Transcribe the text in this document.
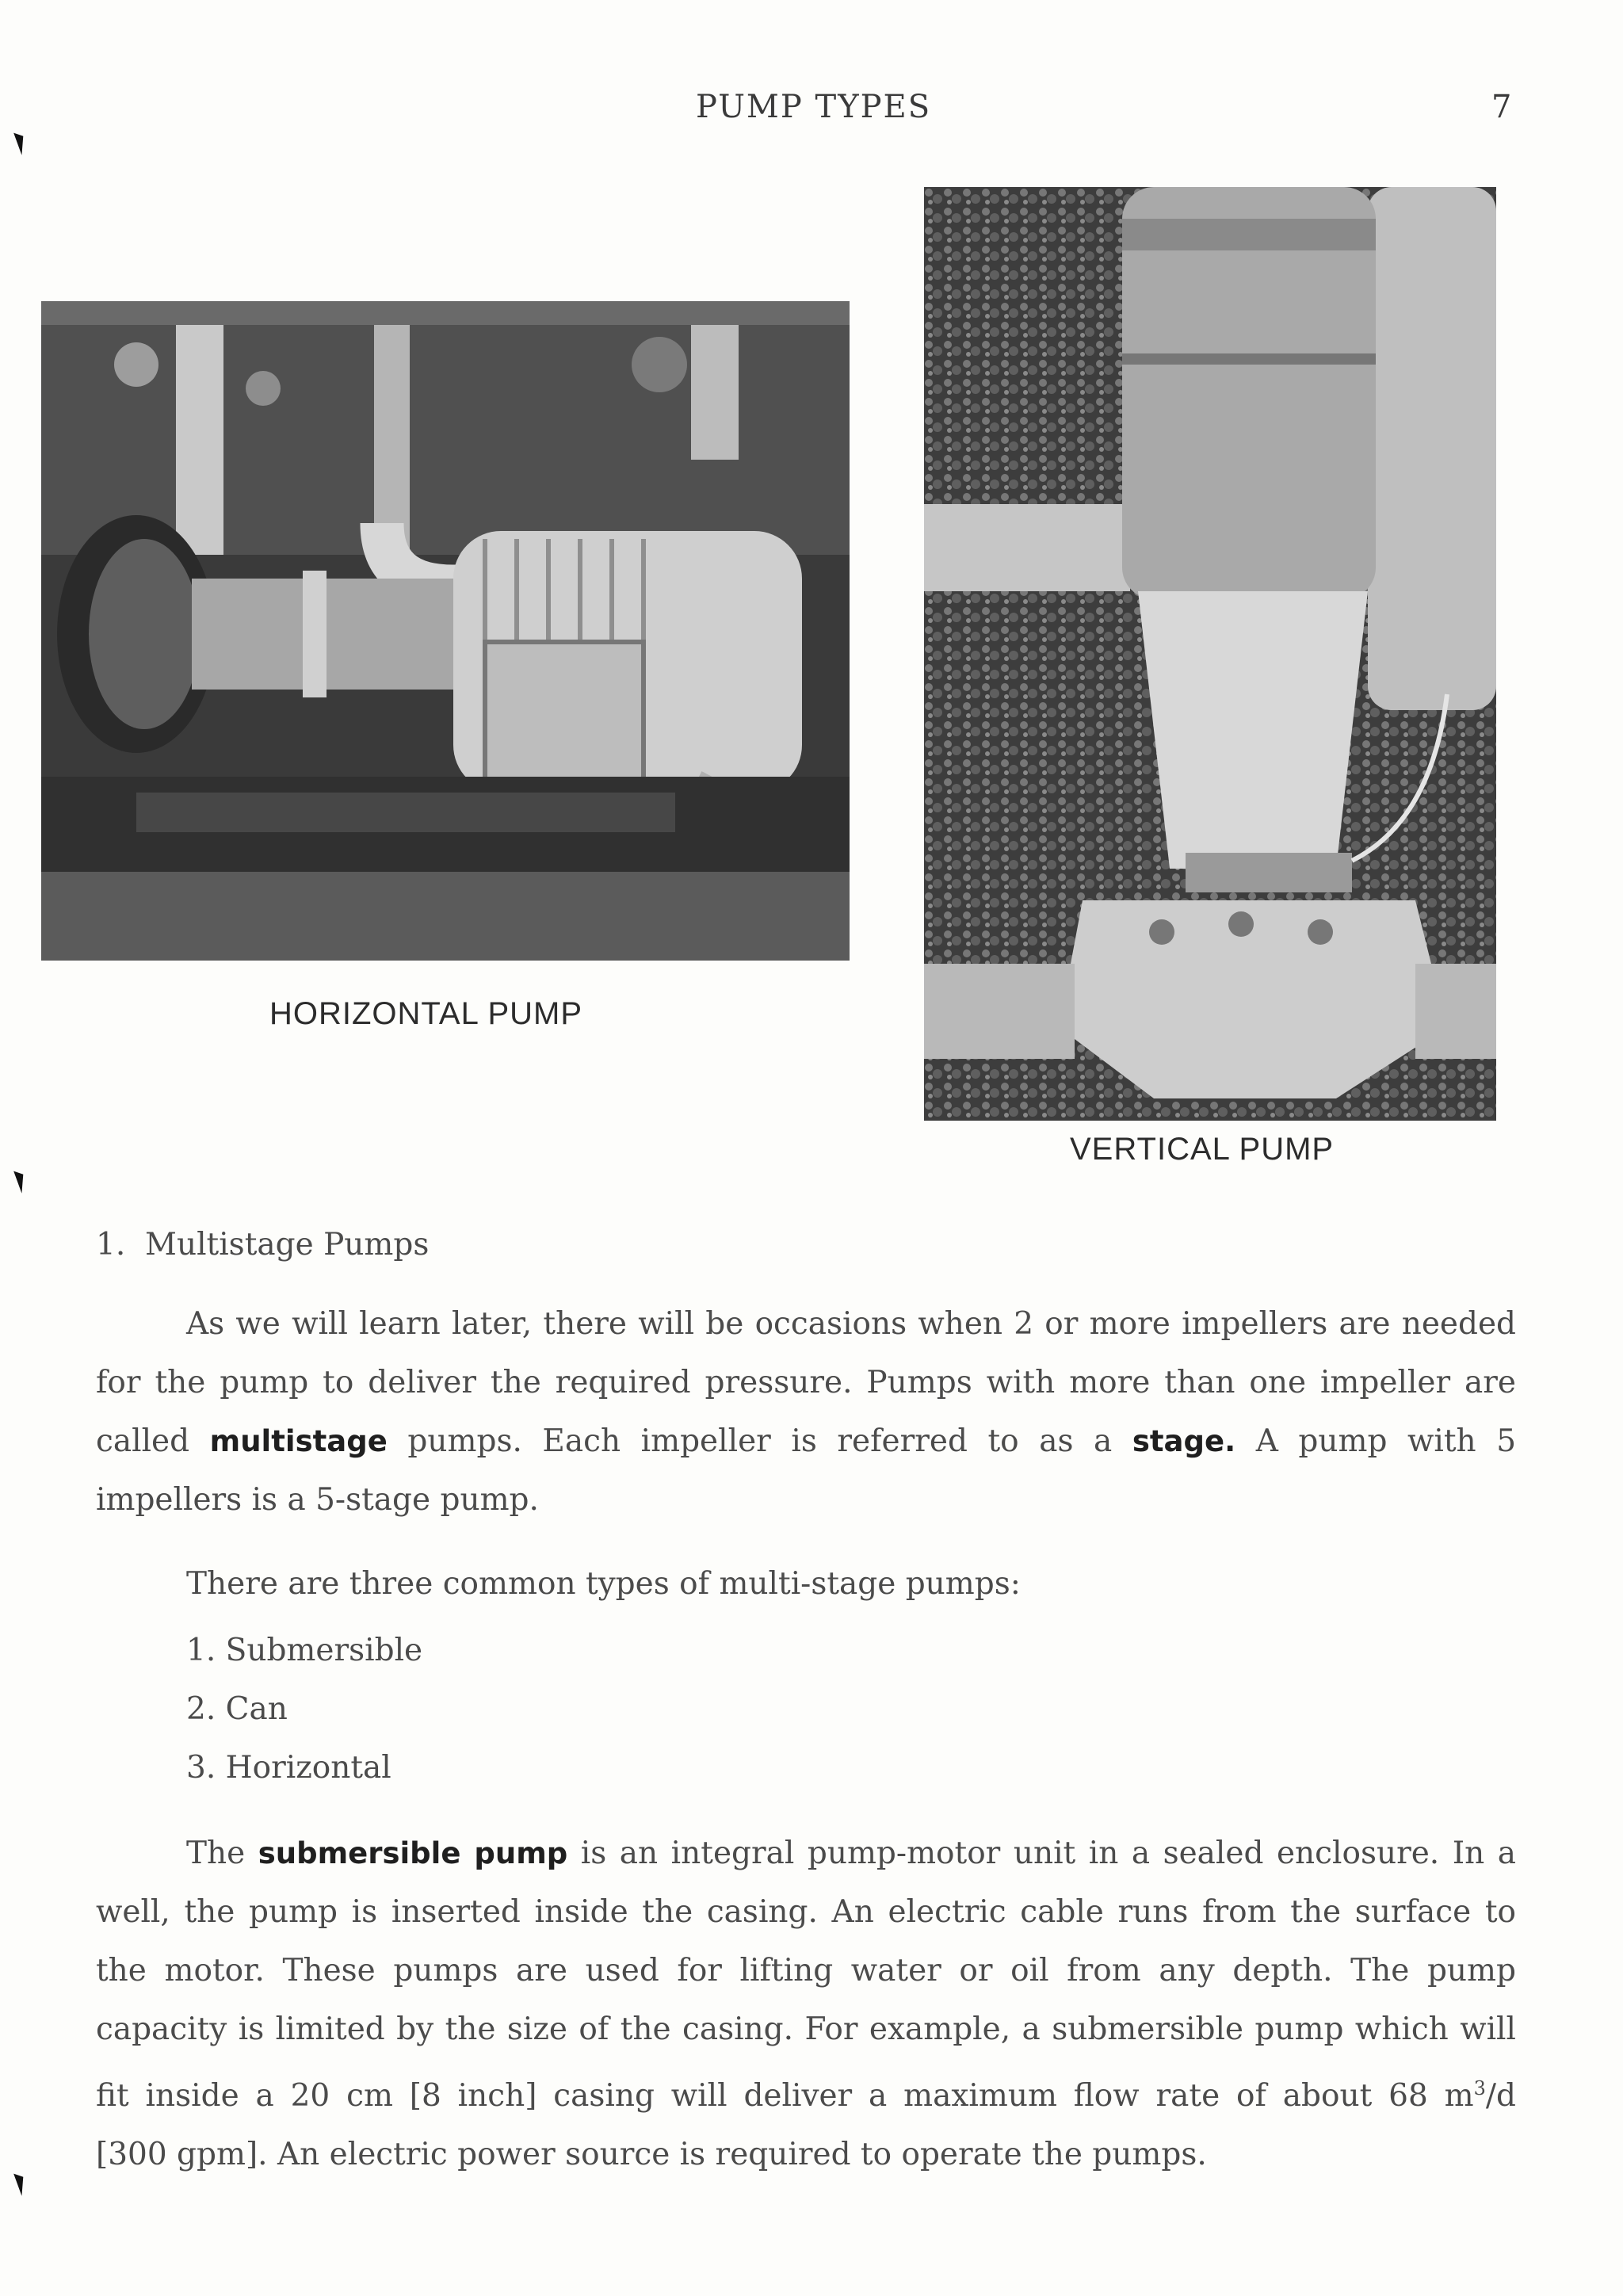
PUMP TYPES	7
HORIZONTAL PUMP
VERTICAL PUMP
1. Multistage Pumps
As we will learn later, there will be occasions when 2 or more impellers are needed
for the pump to deliver the required pressure. Pumps with more than one impeller are
called multistage pumps. Each impeller is referred to as a stage. A pump with 5
impellers is a 5-stage pump.
There are three common types of multi-stage pumps:
1. Submersible
2. Can
3. Horizontal
The submersible pump is an integral pump-motor unit in a sealed enclosure. In a
well, the pump is inserted inside the casing. An electric cable runs from the surface to
the motor. These pumps are used for lifting water or oil from any depth. The pump
capacity is limited by the size of the casing. For example, a submersible pump which will
fit inside a 20 cm [8 inch] casing will deliver a maximum flow rate of about 68 $m^3/d$
[300 gpm]. An electric power source is required to operate the pumps.
